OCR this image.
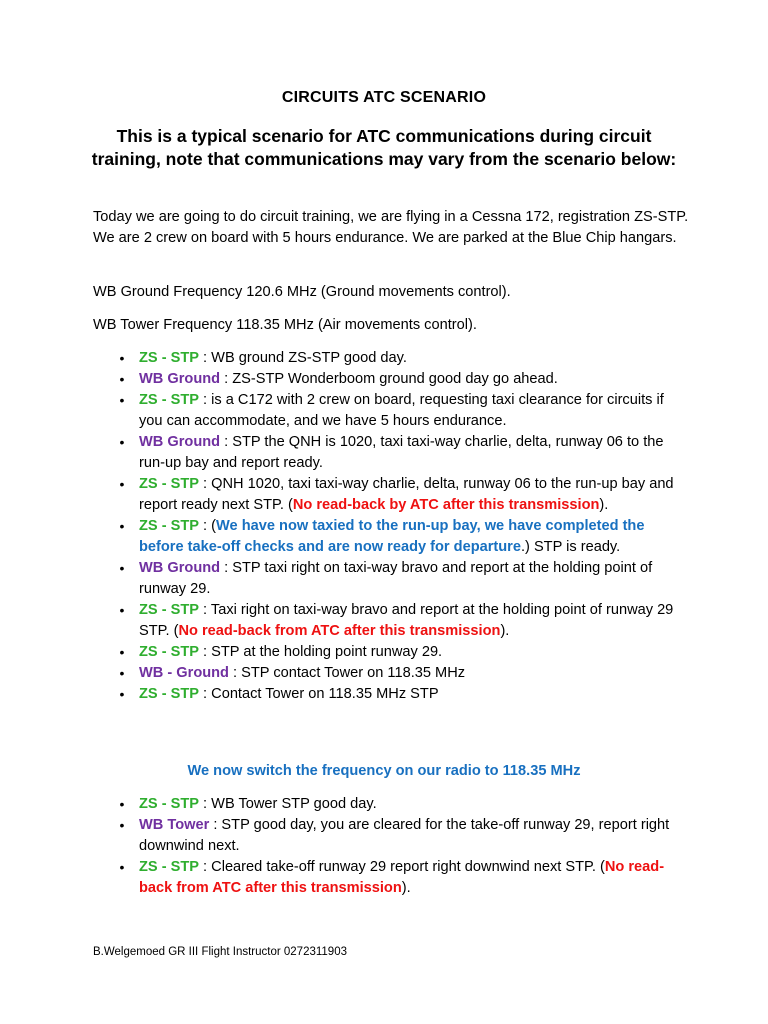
CIRCUITS ATC SCENARIO
This is a typical scenario for ATC communications during circuit training, note that communications may vary from the scenario below:
Today we are going to do circuit training, we are flying in a Cessna 172, registration ZS-STP. We are 2 crew on board with 5 hours endurance. We are parked at the Blue Chip hangars.
WB Ground Frequency 120.6 MHz (Ground movements control).
WB Tower Frequency 118.35 MHz (Air movements control).
• ZS - STP : WB ground ZS-STP good day.
• WB Ground : ZS-STP Wonderboom ground good day go ahead.
• ZS - STP : is a C172 with 2 crew on board, requesting taxi clearance for circuits if you can accommodate, and we have 5 hours endurance.
• WB Ground : STP the QNH is 1020, taxi taxi-way charlie, delta, runway 06 to the run-up bay and report ready.
• ZS - STP : QNH 1020, taxi taxi-way charlie, delta, runway 06 to the run-up bay and report ready next STP. (No read-back by ATC after this transmission).
• ZS - STP : (We have now taxied to the run-up bay, we have completed the before take-off checks and are now ready for departure.) STP is ready.
• WB Ground : STP taxi right on taxi-way bravo and report at the holding point of runway 29.
• ZS - STP : Taxi right on taxi-way bravo and report at the holding point of runway 29 STP. (No read-back from ATC after this transmission).
• ZS - STP : STP at the holding point runway 29.
• WB - Ground : STP contact Tower on 118.35 MHz
• ZS - STP : Contact Tower on 118.35 MHz STP
We now switch the frequency on our radio to 118.35 MHz
• ZS - STP : WB Tower STP good day.
• WB Tower : STP good day, you are cleared for the take-off runway 29, report right downwind next.
• ZS - STP : Cleared take-off runway 29 report right downwind next STP. (No read-back from ATC after this transmission).
B.Welgemoed GR III Flight Instructor 0272311903
